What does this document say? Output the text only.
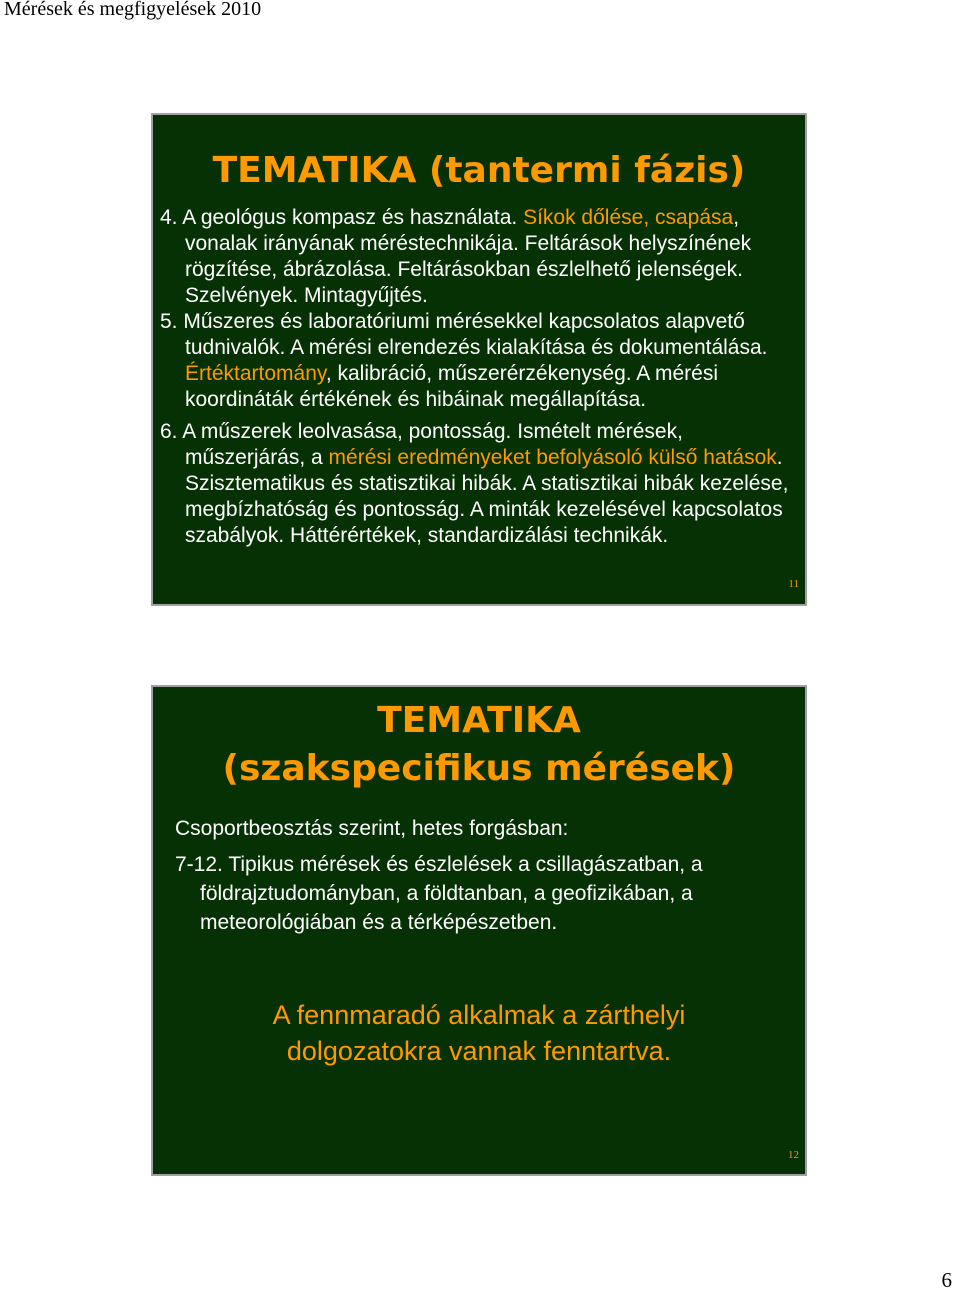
Mérések és megfigyelések 2010
TEMATIKA (tantermi fázis)

4. A geológus kompasz és használata. Síkok dőlése, csapása, vonalak irányának méréstechnikája. Feltárások helyszínének rögzítése, ábrázolása. Feltárásokban észlelhető jelenségek. Szelvények. Mintagyűjtés.

5. Műszeres és laboratóriumi mérésekkel kapcsolatos alapvető tudnivalók. A mérési elrendezés kialakítása és dokumentálása. Értéktartomány, kalibráció, műszerérzékenység. A mérési koordináták értékének és hibáinak megállapítása.

6. A műszerek leolvasása, pontosság. Ismételt mérések, műszerjárás, a mérési eredményeket befolyásoló külső hatások. Szisztematikus és statisztikai hibák. A statisztikai hibák kezelése, megbízhatóság és pontosság. A minták kezelésével kapcsolatos szabályok. Háttérértékek, standardizálási technikák.

11
TEMATIKA
(szakspecifikus mérések)
Csoportbeosztás szerint, hetes forgásban:

7-12. Tipikus mérések és észlelések a csillagászatban, a földrajztudományban, a földtanban, a geofizikában, a meteorológiában és a térképészetben.

A fennmaradó alkalmak a zárthelyi
dolgozatokra vannak fenntartva.
12
6
